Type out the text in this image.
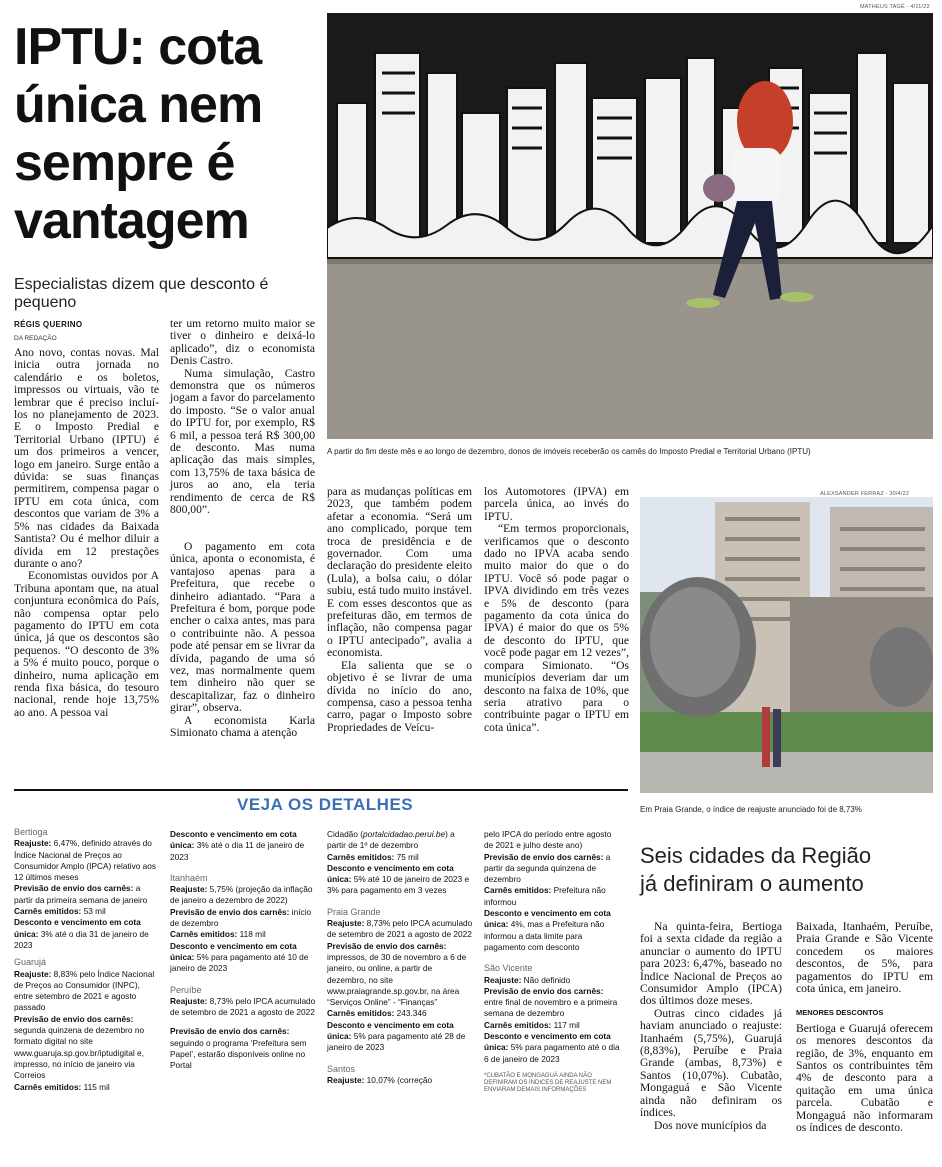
IPTU: cota
única nem
sempre é
vantagem
Especialistas dizem que desconto é pequeno
RÉGIS QUERINO
DA REDAÇÃO
MATHEUS TAGÉ - 4/11/22
A partir do fim deste mês e ao longo de dezembro, donos de imóveis receberão os carnês do Imposto Predial e Territorial Urbano (IPTU)

Ano novo, contas novas. Mal inicia outra jornada no calendário e os boletos, impressos ou virtuais, vão te lembrar que é preciso incluí-los no planejamento de 2023. E o Imposto Predial e Territorial Urbano (IPTU) é um dos primeiros a vencer, logo em janeiro. Surge então a dúvida: se suas finanças permitirem, compensa pagar o IPTU em cota única, com descontos que variam de 3% a 5% nas cidades da Baixada Santista? Ou é melhor diluir a dívida em 12 prestações durante o ano?

Economistas ouvidos por A Tribuna apontam que, na atual conjuntura econômica do País, não compensa optar pelo pagamento do IPTU em cota única, já que os descontos são pequenos. “O desconto de 3% a 5% é muito pouco, porque o dinheiro, numa aplicação em renda fixa básica, do tesouro nacional, rende hoje 13,75% ao ano. A pessoa vai

ter um retorno muito maior se tiver o dinheiro e deixá-lo aplicado”, diz o economista Denis Castro.

Numa simulação, Castro demonstra que os números jogam a favor do parcelamento do imposto. “Se o valor anual do IPTU for, por exemplo, R$ 6 mil, a pessoa terá R$ 300,00 de desconto. Mas numa aplicação das mais simples, com 13,75% de taxa básica de juros ao ano, ela teria rendimento de cerca de R$ 800,00”.

O pagamento em cota única, aponta o economista, é vantajoso apenas para a Prefeitura, que recebe o dinheiro adiantado. “Para a Prefeitura é bom, porque pode encher o caixa antes, mas para o contribuinte não. A pessoa pode até pensar em se livrar da dívida, pagando de uma só vez, mas normalmente quem tem dinheiro não quer se descapitalizar, faz o dinheiro girar”, observa.

A economista Karla Simionato chama a atenção

para as mudanças políticas em 2023, que também podem afetar a economia. “Será um ano complicado, porque tem troca de presidência e de governador. Com uma declaração do presidente eleito (Lula), a bolsa caiu, o dólar subiu, está tudo muito instável. E com esses descontos que as prefeituras dão, em termos de inflação, não compensa pagar o IPTU antecipado”, avalia a economista.

Ela salienta que se o objetivo é se livrar de uma dívida no início do ano, compensa, caso a pessoa tenha carro, pagar o Imposto sobre Propriedades de Veícu-

los Automotores (IPVA) em parcela única, ao invés do IPTU.

“Em termos proporcionais, verificamos que o desconto dado no IPVA acaba sendo muito maior do que o do IPTU. Você só pode pagar o IPVA dividindo em três vezes e 5% de desconto (para pagamento da cota única do IPVA) é maior do que os 5% de desconto do IPTU, que você pode pagar em 12 vezes”, compara Simionato. “Os municípios deveriam dar um desconto na faixa de 10%, que seria atrativo para o contribuinte pagar o IPTU em cota única”.

ALEXSANDER FERRAZ - 30/4/22
Em Praia Grande, o índice de reajuste anunciado foi de 8,73%
VEJA OS DETALHES
Bertioga

Reajuste: 6,47%, definido através do Índice Nacional de Preços ao Consumidor Amplo (IPCA) relativo aos 12 últimos meses

Previsão de envio dos carnês: a partir da primeira semana de janeiro

Carnês emitidos: 53 mil

Desconto e vencimento em cota única: 3% até o dia 31 de janeiro de 2023

Guarujá

Reajuste: 8,83% pelo Índice Nacional de Preços ao Consumidor (INPC), entre setembro de 2021 e agosto passado

Previsão de envio dos carnês: segunda quinzena de dezembro no formato digital no site www.guaruja.sp.gov.br/iptudigital e, impresso, no início de janeiro via Correios

Carnês emitidos: 115 mil

Desconto e vencimento em cota única: 3% até o dia 11 de janeiro de 2023

Itanhaém

Reajuste: 5,75% (projeção da inflação de janeiro a dezembro de 2022)

Previsão de envio dos carnês: início de dezembro

Carnês emitidos: 118 mil

Desconto e vencimento em cota única: 5% para pagamento até 10 de janeiro de 2023

Peruíbe

Reajuste: 8,73% pelo IPCA acumulado de setembro de 2021 a agosto de 2022

Previsão de envio dos carnês: seguindo o programa ‘Prefeitura sem Papel’, estarão disponíveis online no Portal

Cidadão (portalcidadao.perui.be) a partir de 1º de dezembro

Carnês emitidos: 75 mil

Desconto e vencimento em cota única: 5% até 10 de janeiro de 2023 e 3% para pagamento em 3 vezes

Praia Grande

Reajuste: 8,73% pelo IPCA acumulado de setembro de 2021 a agosto de 2022

Previsão de envio dos carnês: impressos, de 30 de novembro a 6 de janeiro, ou online, a partir de dezembro, no site www.praiagrande.sp.gov.br, na área “Serviços Online” - “Finanças”

Carnês emitidos: 243.346

Desconto e vencimento em cota única: 5% para pagamento até 28 de janeiro de 2023

Santos

Reajuste: 10,07% (correção

pelo IPCA do período entre agosto de 2021 e julho deste ano)

Previsão de envio dos carnês: a partir da segunda quinzena de dezembro

Carnês emitidos: Prefeitura não informou

Desconto e vencimento em cota única: 4%, mas a Prefeitura não informou a data limite para pagamento com desconto

São Vicente

Reajuste: Não definido

Previsão de envio dos carnês: entre final de novembro e a primeira semana de dezembro

Carnês emitidos: 117 mil

Desconto e vencimento em cota única: 5% para pagamento até o dia 6 de janeiro de 2023

*CUBATÃO E MONGAGUÁ AINDA NÃO DEFINIRAM OS ÍNDICES DE REAJUSTE NEM ENVIARAM DEMAIS INFORMAÇÕES

Seis cidades da Região
já definiram o aumento

Na quinta-feira, Bertioga foi a sexta cidade da região a anunciar o aumento do IPTU para 2023: 6,47%, baseado no Índice Nacional de Preços ao Consumidor Amplo (IPCA) dos últimos doze meses.

Outras cinco cidades já haviam anunciado o reajuste: Itanhaém (5,75%), Guarujá (8,83%), Peruíbe e Praia Grande (ambas, 8,73%) e Santos (10,07%). Cubatão, Mongaguá e São Vicente ainda não definiram os índices.

Dos nove municípios da

Baixada, Itanhaém, Peruíbe, Praia Grande e São Vicente concedem os maiores descontos, de 5%, para pagamentos do IPTU em cota única, em janeiro.

MENORES DESCONTOS

Bertioga e Guarujá oferecem os menores descontos da região, de 3%, enquanto em Santos os contribuintes têm 4% de desconto para a quitação em uma única parcela. Cubatão e Mongaguá não informaram os índices de desconto.
